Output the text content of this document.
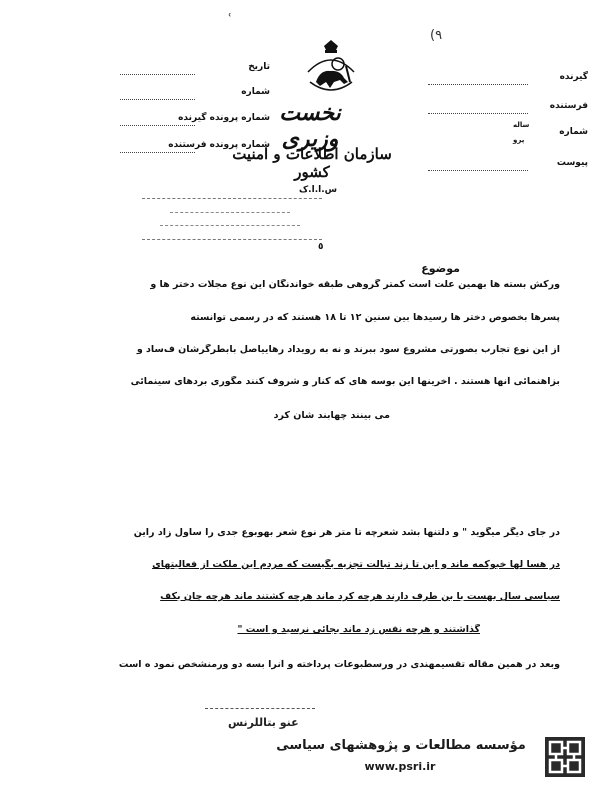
ʿ
(٩
تاریخ
شماره
شماره پرونده گیرنده
شماره پرونده فرستنده
نخست وزیری
سازمان اطلاعات و امنیت کشور
س.ا.ا.ک
گیرنده
فرستنده
شماره
ساله
پرو
پیوست
٥
موضوع
ورکش بسته ها بهمین علت است کمتر گروهی طبقه خواندنگان این نوع مجلات دختر ها و
پسرها بخصوص دختر ها رسیدها بین سنین ۱۲ تا ۱۸ هستند که در رسمی توانسته
از این نوع تجارب بصورتی مشروع سود ببرند و نه به رویداد رهاییاصل بابطرگرشان ف‌ساد و
بزاهنمائی آنها هستند . آخرینها این بوسه های که کنار و شروف کنند مگوری بردهای سینمائی
می بینند چهابند شان کرد
در جای دیگر میگوید " و دلتنها بشد شعرچه تا متر هر نوع شعر بهوبوع جدی را ساول زاد راین
در هسا لها خبوکمه ماند و این تا زند تبالت تجزیه بگیست که مردم این ملکت از فعالیتهای
سیاسی سال بهست با بن طرف دارند هرچه کرد ماند هرچه کشتند ماند هرچه چان بکف
گذاشتند و هرچه نفس زد ماند بجائی نرسید و است "
وبعد در همین مقاله تقسیمهندی در ورسطبوعات پرداخته و آنرا بسه دو ورمنشخص نمود ه است
عنو بتاللرنس
مؤسسه مطالعات و پژوهشهای سیاسی
www.psri.ir
